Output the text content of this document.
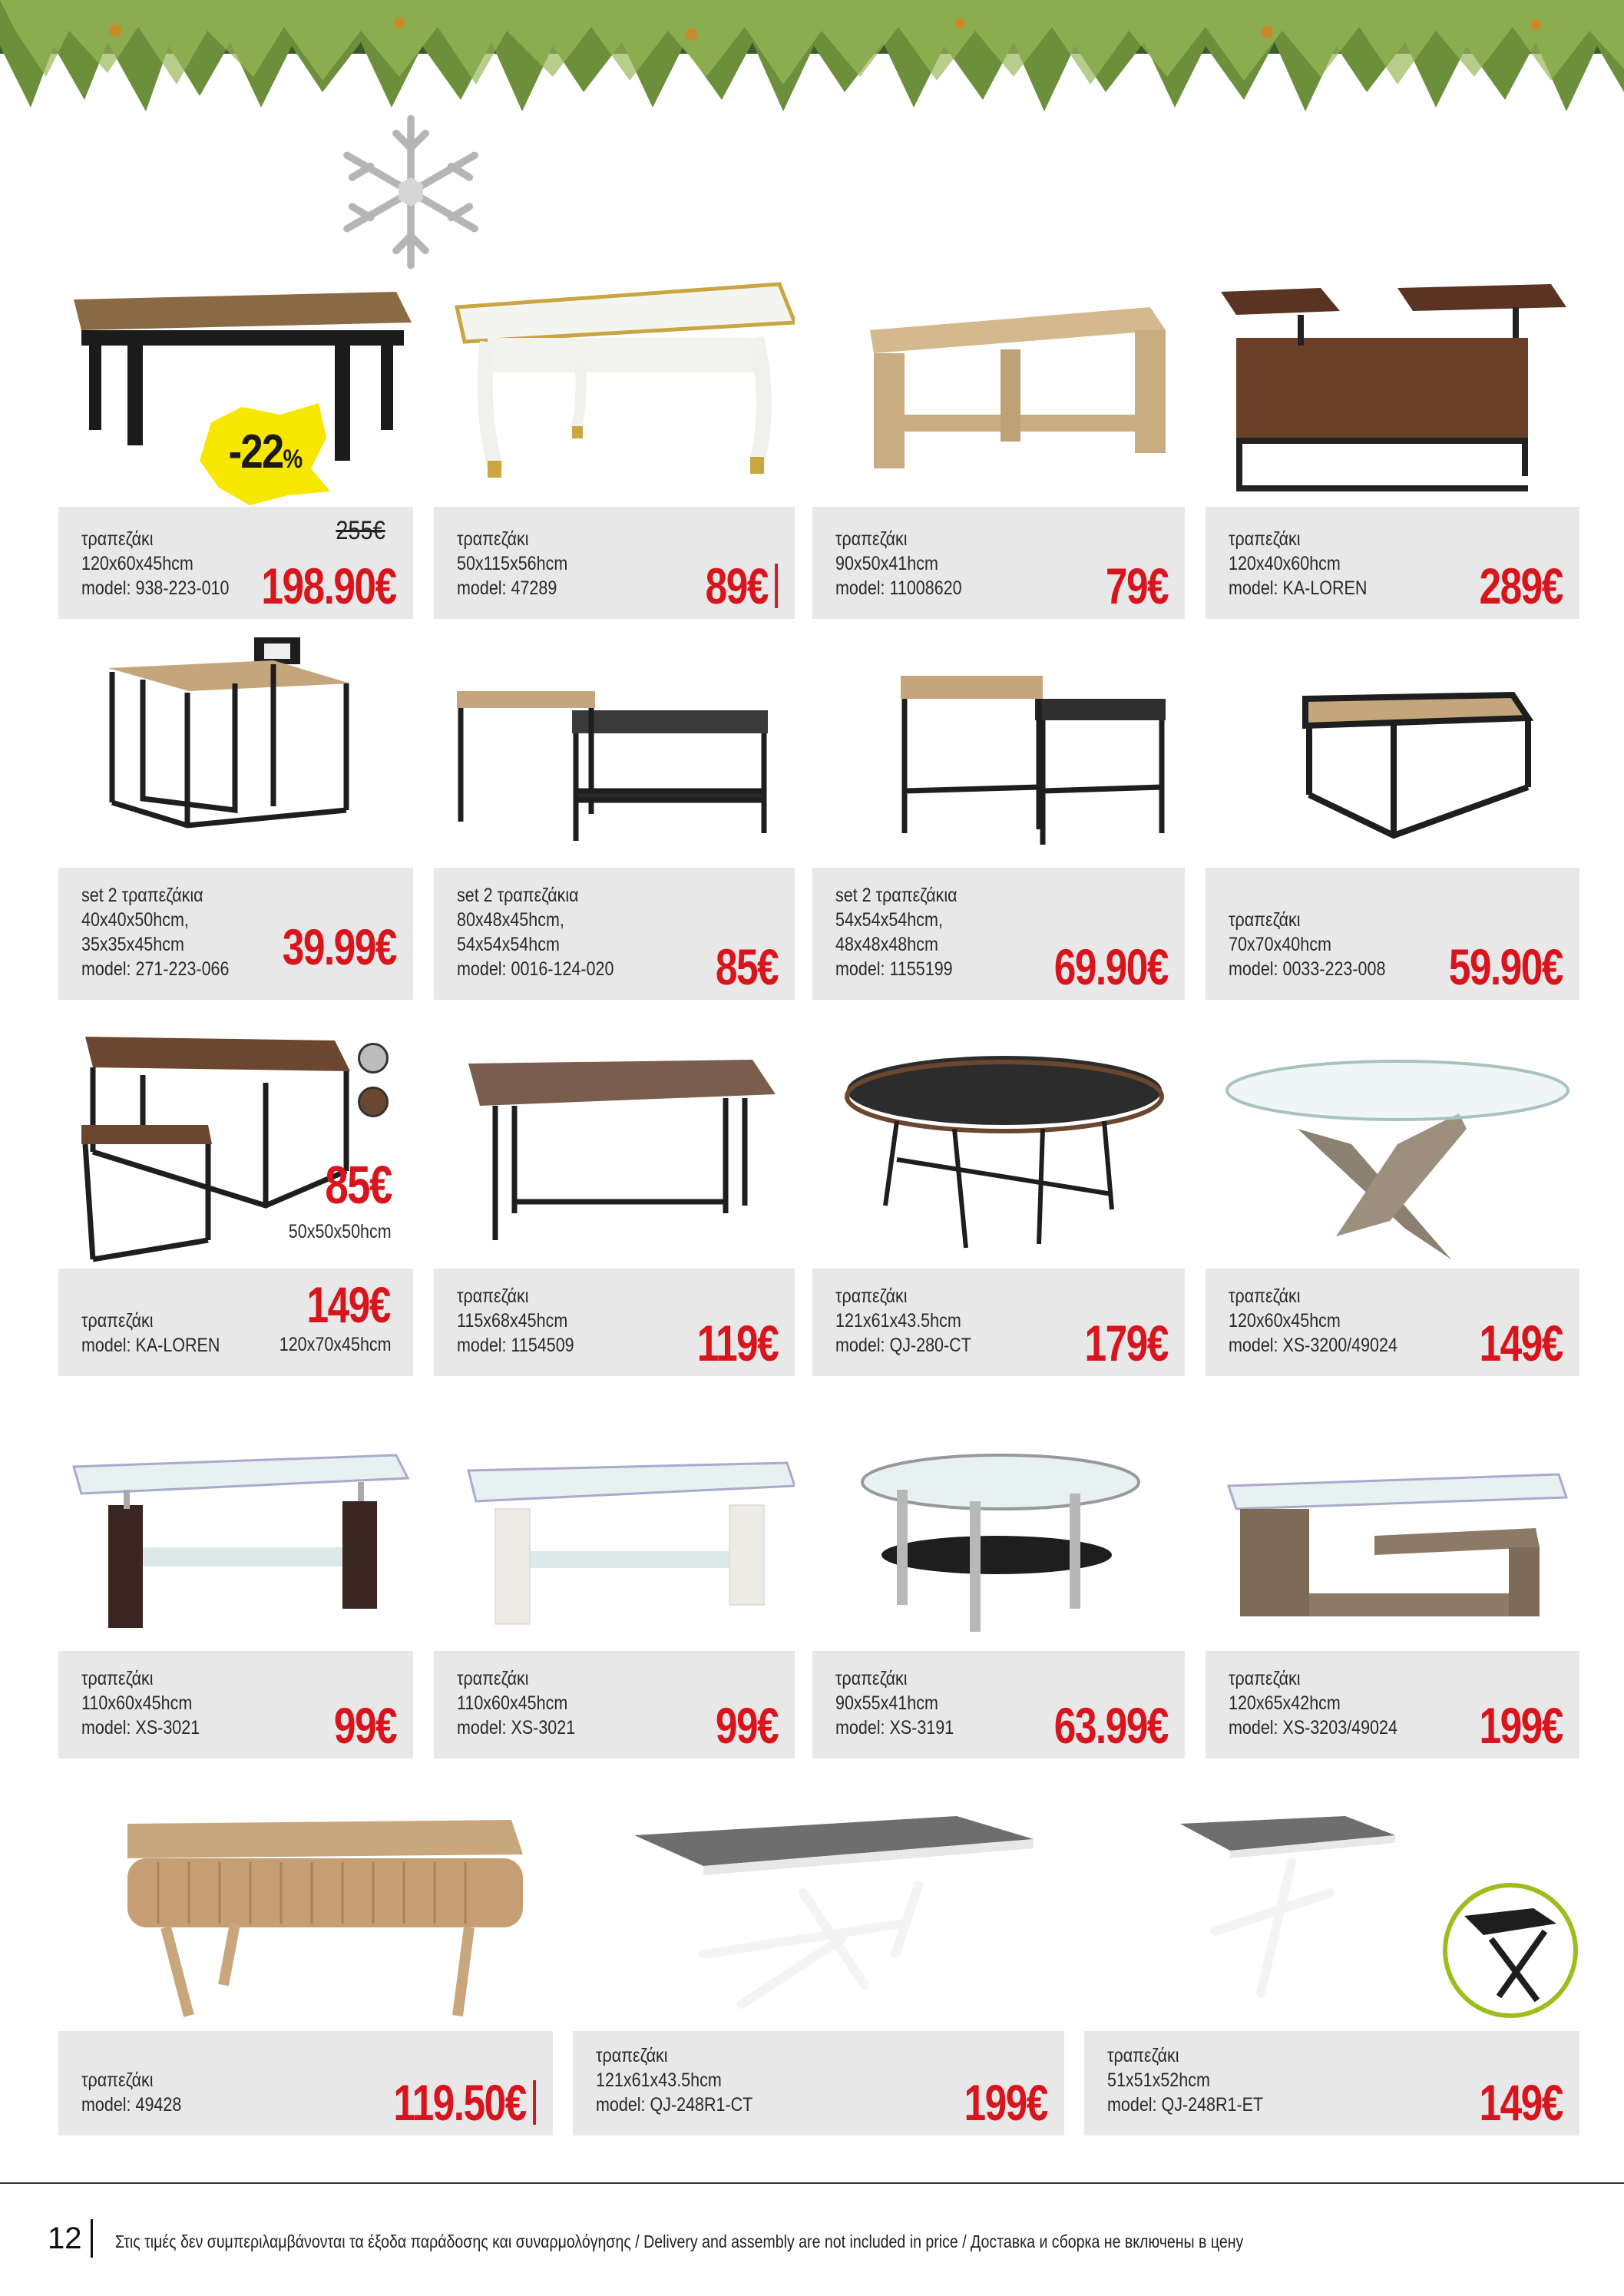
τραπεζάκι
120x60x45hcm
model: 938-223-010
255€
198.90€
-22%
τραπεζάκι
50x115x56hcm
model: 47289	89€
τραπεζάκι
90x50x41hcm
model: 11008620	79€
τραπεζάκι
120x40x60hcm
model: KA-LOREN 289€
set 2 τραπεζάκια
40x40x50hcm,
35x35x45hcm
model: 271-223-066 39.99€
set 2 τραπεζάκια
80x48x45hcm,
54x54x54hcm
model: 0016-124-020 85€
set 2 τραπεζάκια
54x54x54hcm,
48x48x48hcm
model: 1155199 69.90€
τραπεζάκι
70x70x40hcm
model: 0033-223-008 59.90€
85€
50x50x50hcm
τραπεζάκι
model: KA-LOREN	120x70x45hcm
149€	τραπεζάκι
115x68x45hcm
model: 1154509 119€
τραπεζάκι
121x61x43.5hcm
model: QJ-280-CT 179€
τραπεζάκι
120x60x45hcm
model: XS-3200/49024 149€
τραπεζάκι
110x60x45hcm
model: XS-3021	99€
τραπεζάκι
110x60x45hcm
model: XS-3021	99€
τραπεζάκι
90x55x41hcm
model: XS-3191 63.99€
τραπεζάκι
120x65x42hcm
model: XS-3203/49024 199€
τραπεζάκι
model: 49428	119.50€
τραπεζάκι
121x61x43.5hcm
model: QJ-248R1-CT	199€
τραπεζάκι
51x51x52hcm
model: QJ-248R1-ET	149€
12 Στις τιμές δεν συμπεριλαμβάνονται τα έξοδα παράδοσης και συναρμολόγησης / Delivery and assembly are not included in price / Доставка и сборка не включены в цену
